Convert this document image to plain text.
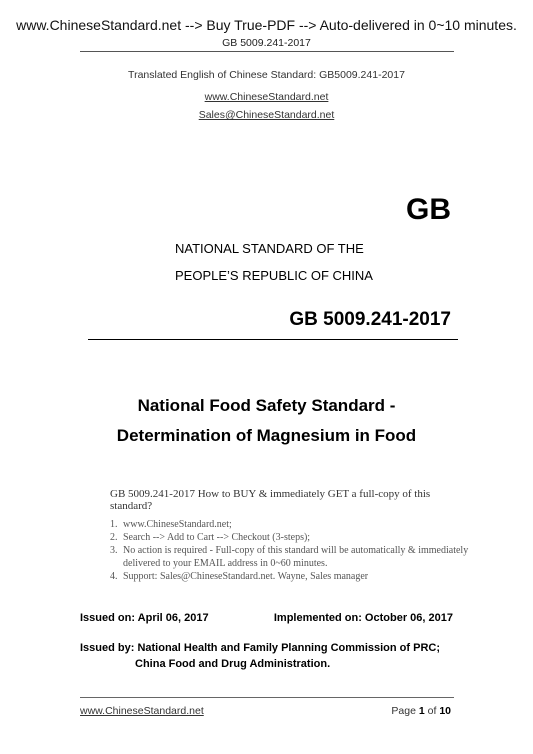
www.ChineseStandard.net --> Buy True-PDF --> Auto-delivered in 0~10 minutes.
GB 5009.241-2017
Translated English of Chinese Standard: GB5009.241-2017
www.ChineseStandard.net
Sales@ChineseStandard.net
GB
NATIONAL STANDARD OF THE
PEOPLE’S REPUBLIC OF CHINA
GB 5009.241-2017
National Food Safety Standard -
Determination of Magnesium in Food
GB 5009.241-2017 How to BUY & immediately GET a full-copy of this standard?
1. www.ChineseStandard.net;
2. Search --> Add to Cart --> Checkout (3-steps);
3. No action is required - Full-copy of this standard will be automatically & immediately delivered to your EMAIL address in 0~60 minutes.
4. Support: Sales@ChineseStandard.net. Wayne, Sales manager
Issued on: April 06, 2017	Implemented on: October 06, 2017
Issued by: National Health and Family Planning Commission of PRC;
China Food and Drug Administration.
www.ChineseStandard.net	Page 1 of 10
